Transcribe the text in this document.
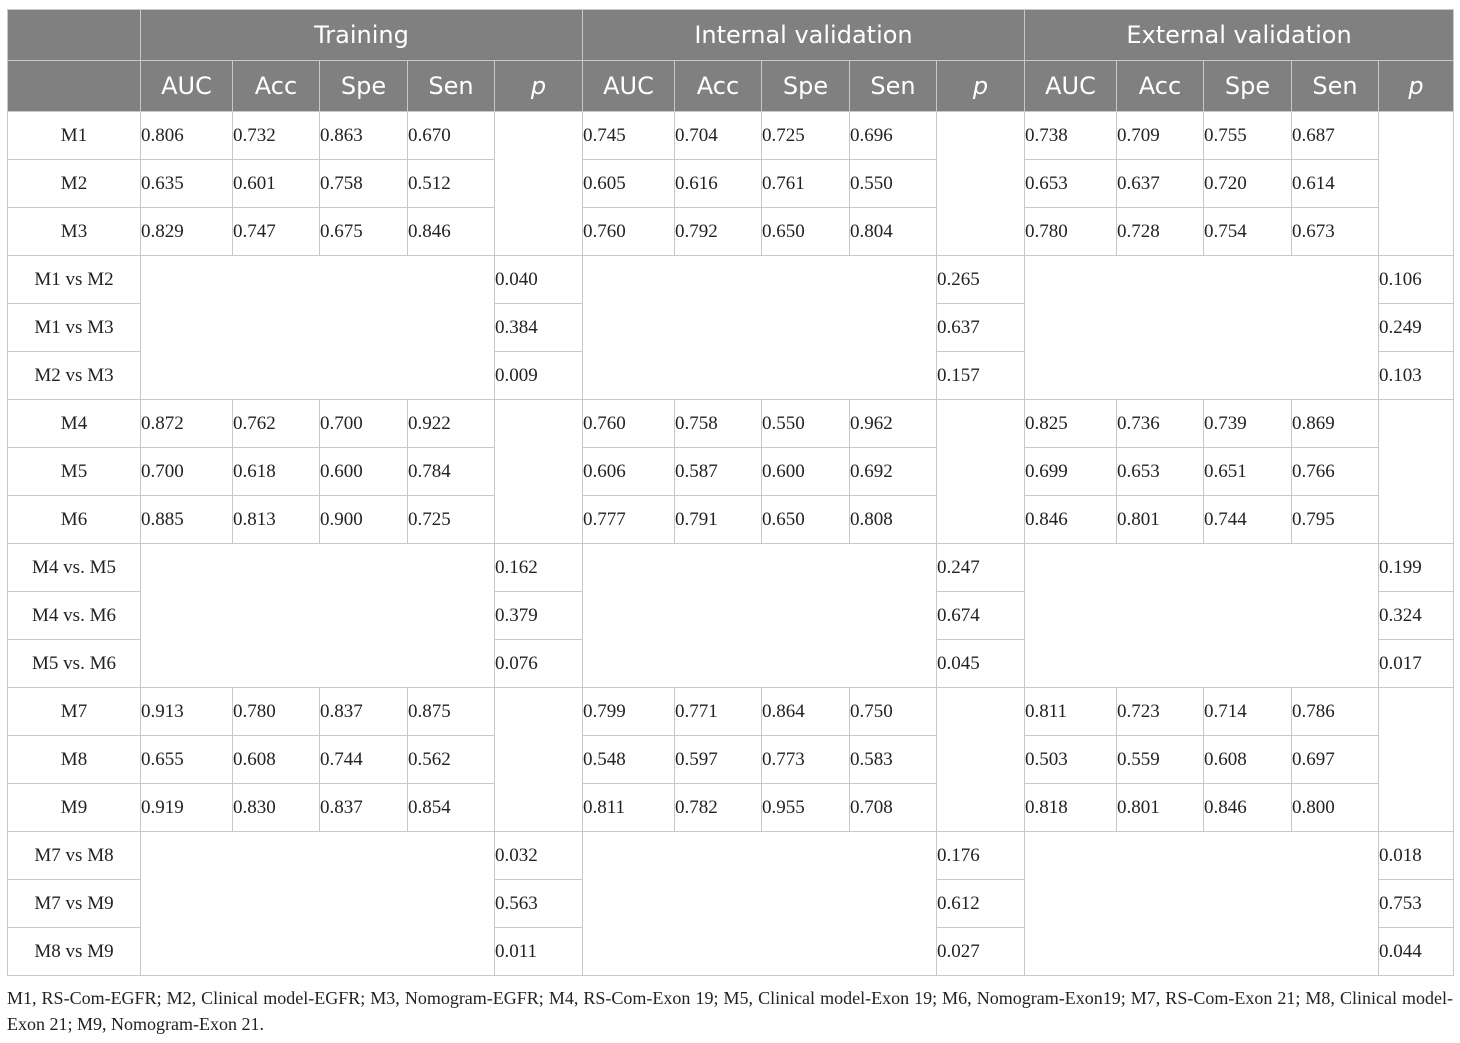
	Training					Internal validation					External validation				
	AUC	Acc	Spe	Sen	p	AUC	Acc	Spe	Sen	p	AUC	Acc	Spe	Sen	p
M1	0.806	0.732	0.863	0.670		0.745	0.704	0.725	0.696		0.738	0.709	0.755	0.687	
M2	0.635	0.601	0.758	0.512		0.605	0.616	0.761	0.550		0.653	0.637	0.720	0.614	
M3	0.829	0.747	0.675	0.846		0.760	0.792	0.650	0.804		0.780	0.728	0.754	0.673	
M1 vs M2					0.040					0.265					0.106
M1 vs M3					0.384					0.637					0.249
M2 vs M3					0.009					0.157					0.103
M4	0.872	0.762	0.700	0.922		0.760	0.758	0.550	0.962		0.825	0.736	0.739	0.869	
M5	0.700	0.618	0.600	0.784		0.606	0.587	0.600	0.692		0.699	0.653	0.651	0.766	
M6	0.885	0.813	0.900	0.725		0.777	0.791	0.650	0.808		0.846	0.801	0.744	0.795	
M4 vs. M5					0.162					0.247					0.199
M4 vs. M6					0.379					0.674					0.324
M5 vs. M6					0.076					0.045					0.017
M7	0.913	0.780	0.837	0.875		0.799	0.771	0.864	0.750		0.811	0.723	0.714	0.786	
M8	0.655	0.608	0.744	0.562		0.548	0.597	0.773	0.583		0.503	0.559	0.608	0.697	
M9	0.919	0.830	0.837	0.854		0.811	0.782	0.955	0.708		0.818	0.801	0.846	0.800	
M7 vs M8					0.032					0.176					0.018
M7 vs M9					0.563					0.612					0.753
M8 vs M9					0.011					0.027					0.044

M1, RS-Com-EGFR; M2, Clinical model-EGFR; M3, Nomogram-EGFR; M4, RS-Com-Exon 19; M5, Clinical model-Exon 19; M6, Nomogram-Exon19; M7, RS-Com-Exon 21; M8, Clinical model-Exon 21; M9, Nomogram-Exon 21.
